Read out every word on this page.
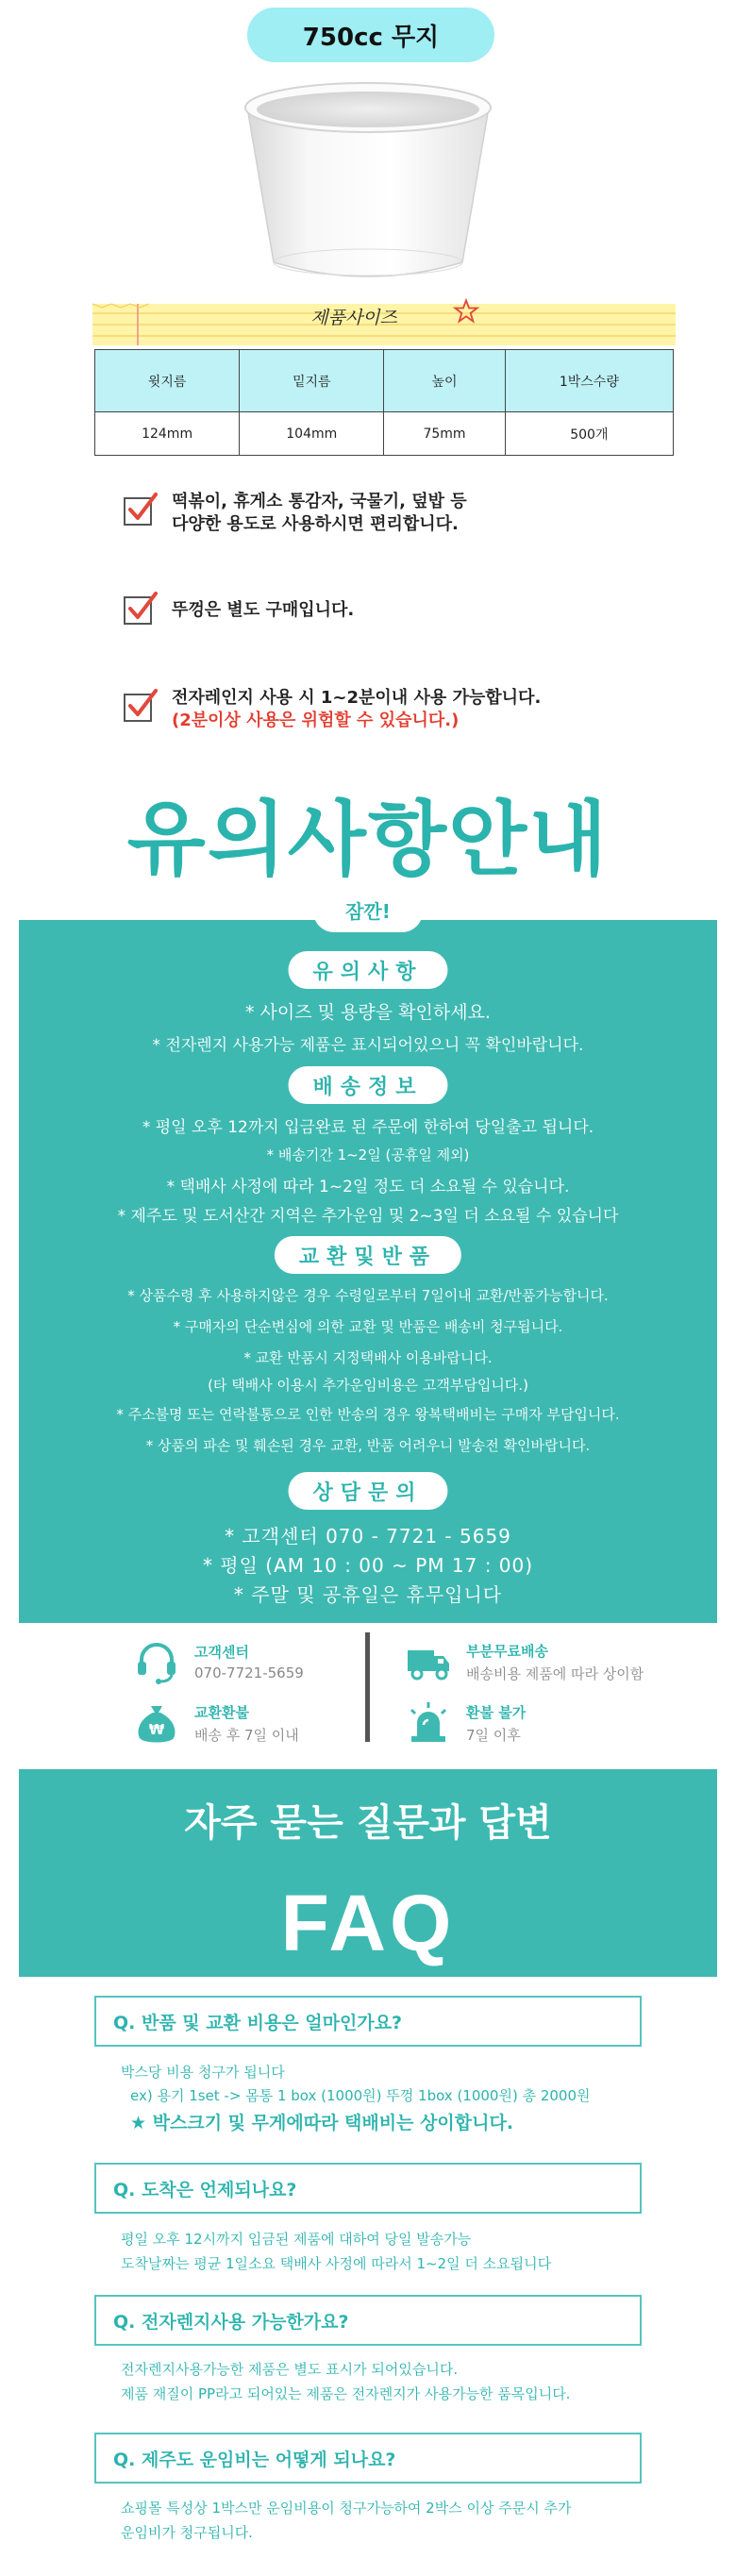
750cc 무지
제품사이즈
윗지름	밑지름	높이	1박스수량
124mm	104mm	75mm	500개
떡볶이, 휴게소 통감자, 국물기, 덮밥 등
다양한 용도로 사용하시면 편리합니다.
뚜껑은 별도 구매입니다.
전자레인지 사용 시 1~2분이내 사용 가능합니다.
(2분이상 사용은 위험할 수 있습니다.)
유의사항안내
잠깐!
유의사항
* 사이즈 및 용량을 확인하세요.
* 전자렌지 사용가능 제품은 표시되어있으니 꼭 확인바랍니다.
배송정보
* 평일 오후 12까지 입금완료 된 주문에 한하여 당일출고 됩니다.
* 배송기간 1~2일 (공휴일 제외)
* 택배사 사정에 따라 1~2일 정도 더 소요될 수 있습니다.
* 제주도 및 도서산간 지역은 추가운임 및 2~3일 더 소요될 수 있습니다
교환및반품
* 상품수령 후 사용하지않은 경우 수령일로부터 7일이내 교환/반품가능합니다.
* 구매자의 단순변심에 의한 교환 및 반품은 배송비 청구됩니다.
* 교환 반품시 지정택배사 이용바랍니다.
(타 택배사 이용시 추가운임비용은 고객부담입니다.)
* 주소불명 또는 연락불통으로 인한 반송의 경우 왕복택배비는 구매자 부담입니다.
* 상품의 파손 및 훼손된 경우 교환, 반품 어려우니 발송전 확인바랍니다.
상담문의
* 고객센터 070 - 7721 - 5659
* 평일 (AM 10 : 00 ~ PM 17 : 00)
* 주말 및 공휴일은 휴무입니다
고객센터
070-7721-5659
부분무료배송
배송비용 제품에 따라 상이함
₩
교환환불
배송 후 7일 이내
환불 불가
7일 이후
자주 묻는 질문과 답변
FAQ
Q. 반품 및 교환 비용은 얼마인가요?
박스당 비용 청구가 됩니다
ex) 용기 1set -> 몸통 1 box (1000원) 뚜껑 1box (1000원) 총 2000원
★ 박스크기 및 무게에따라 택배비는 상이합니다.
Q. 도착은 언제되나요?
평일 오후 12시까지 입금된 제품에 대하여 당일 발송가능
도착날짜는 평균 1일소요 택배사 사정에 따라서 1~2일 더 소요됩니다
Q. 전자렌지사용 가능한가요?
전자렌지사용가능한 제품은 별도 표시가 되어있습니다.
제품 재질이 PP라고 되어있는 제품은 전자렌지가 사용가능한 품목입니다.
Q. 제주도 운임비는 어떻게 되나요?
쇼핑몰 특성상 1박스만 운임비용이 청구가능하여 2박스 이상 주문시 추가
운임비가 청구됩니다.
